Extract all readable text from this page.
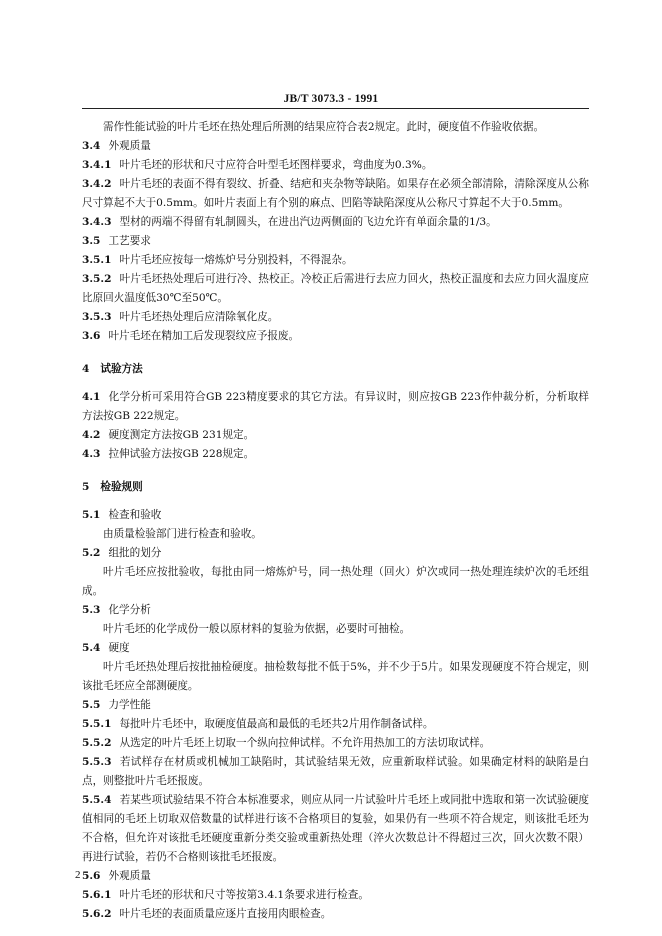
JB/T 3073.3 - 1991

需作性能试验的叶片毛坯在热处理后所测的结果应符合表2规定。此时，硬度值不作验收依据。

3.4 外观质量

3.4.1 叶片毛坯的形状和尺寸应符合叶型毛坯图样要求，弯曲度为0.3%。

3.4.2 叶片毛坯的表面不得有裂纹、折叠、结疤和夹杂物等缺陷。如果存在必须全部清除，清除深度从公称尺寸算起不大于0.5mm。如叶片表面上有个别的麻点、凹陷等缺陷深度从公称尺寸算起不大于0.5mm。

3.4.3 型材的两端不得留有轧制圆头，在进出汽边两侧面的飞边允许有单面余量的1/3。

3.5 工艺要求

3.5.1 叶片毛坯应按每一熔炼炉号分别投料，不得混杂。

3.5.2 叶片毛坯热处理后可进行冷、热校正。冷校正后需进行去应力回火，热校正温度和去应力回火温度应比原回火温度低30℃至50℃。

3.5.3 叶片毛坯热处理后应清除氧化皮。

3.6 叶片毛坯在精加工后发现裂纹应予报废。

4 试验方法

4.1 化学分析可采用符合GB 223精度要求的其它方法。有异议时，则应按GB 223作仲裁分析，分析取样方法按GB 222规定。

4.2 硬度测定方法按GB 231规定。

4.3 拉伸试验方法按GB 228规定。

5 检验规则

5.1 检查和验收

由质量检验部门进行检查和验收。

5.2 组批的划分

叶片毛坯应按批验收，每批由同一熔炼炉号，同一热处理（回火）炉次或同一热处理连续炉次的毛坯组成。

5.3 化学分析

叶片毛坯的化学成份一般以原材料的复验为依据，必要时可抽检。

5.4 硬度

叶片毛坯热处理后按批抽检硬度。抽检数每批不低于5%，并不少于5片。如果发现硬度不符合规定，则该批毛坯应全部测硬度。

5.5 力学性能

5.5.1 每批叶片毛坯中，取硬度值最高和最低的毛坯共2片用作制备试样。

5.5.2 从选定的叶片毛坯上切取一个纵向拉伸试样。不允许用热加工的方法切取试样。

5.5.3 若试样存在材质或机械加工缺陷时，其试验结果无效，应重新取样试验。如果确定材料的缺陷是白点，则整批叶片毛坯报废。

5.5.4 若某些项试验结果不符合本标准要求，则应从同一片试验叶片毛坯上或同批中选取和第一次试验硬度值相同的毛坯上切取双倍数量的试样进行该不合格项目的复验，如果仍有一些项不符合规定，则该批毛坯为不合格，但允许对该批毛坯硬度重新分类交验或重新热处理（淬火次数总计不得超过三次，回火次数不限）再进行试验，若仍不合格则该批毛坯报废。

5.6 外观质量

5.6.1 叶片毛坯的形状和尺寸等按第3.4.1条要求进行检查。

5.6.2 叶片毛坯的表面质量应逐片直接用肉眼检查。

2
